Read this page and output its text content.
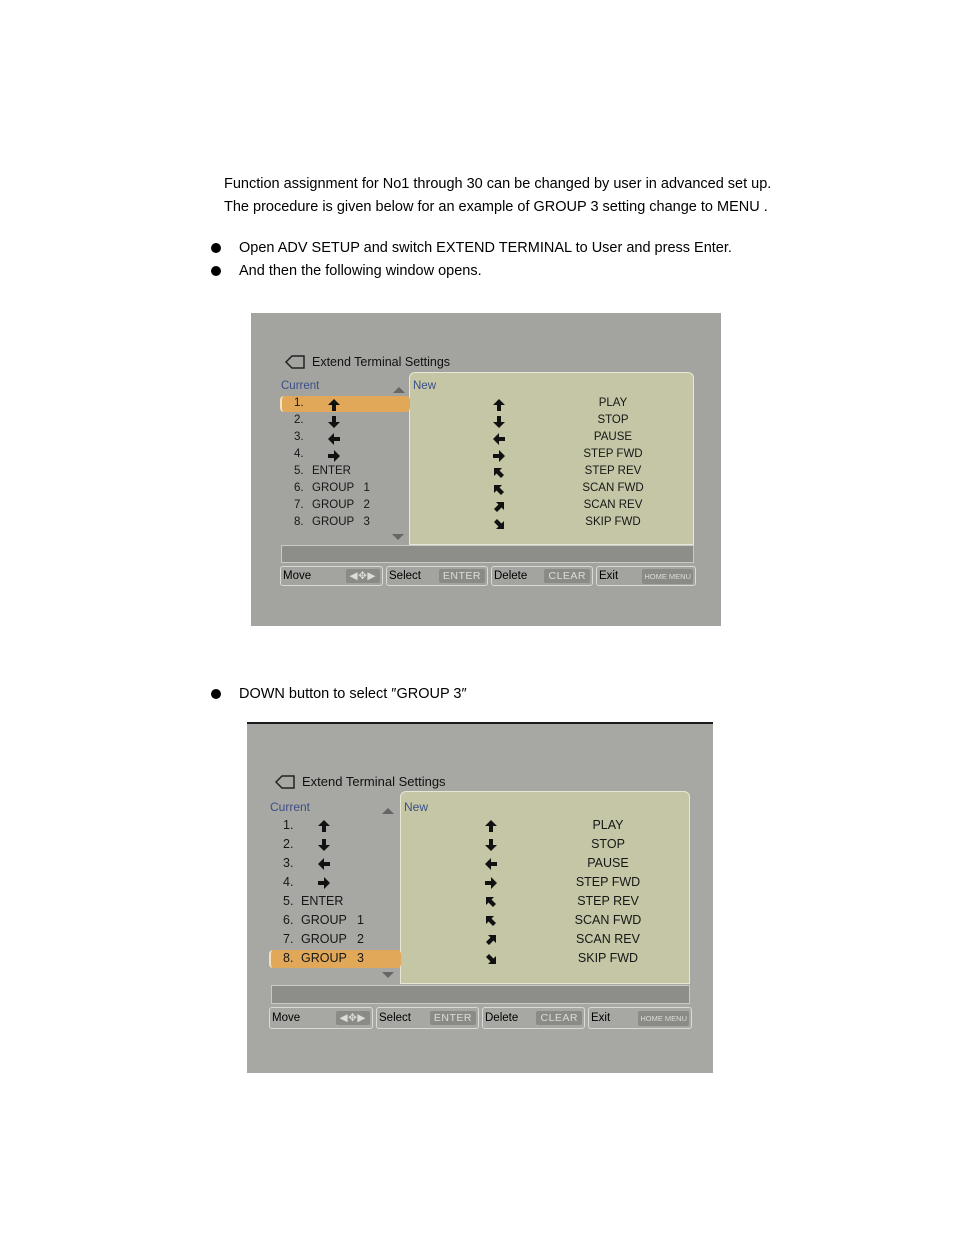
Function assignment for No1 through 30 can be changed by user in advanced set up.
The procedure is given below for an example of GROUP 3 setting change to MENU .
Open ADV SETUP and switch EXTEND TERMINAL to User and press Enter.
And then the following window opens.
Extend Terminal Settings
Current	New
1.	PLAY
2.	STOP
3.	PAUSE
4.	STEP FWD
5. ENTER	STEP REV
6. GROUP   1	SCAN FWD
7. GROUP   2	SCAN REV
8. GROUP   3	SKIP FWD
Move	◀✥▶	Select	ENTER	Delete	CLEAR	Exit	HOME MENU
DOWN button to select ″GROUP 3″
Extend Terminal Settings
Current	New
1.	PLAY
2.	STOP
3.	PAUSE
4.	STEP FWD
5. ENTER	STEP REV
6. GROUP   1	SCAN FWD
7. GROUP   2	SCAN REV
8. GROUP   3	SKIP FWD
Move	◀✥▶	Select	ENTER	Delete	CLEAR	Exit	HOME MENU
